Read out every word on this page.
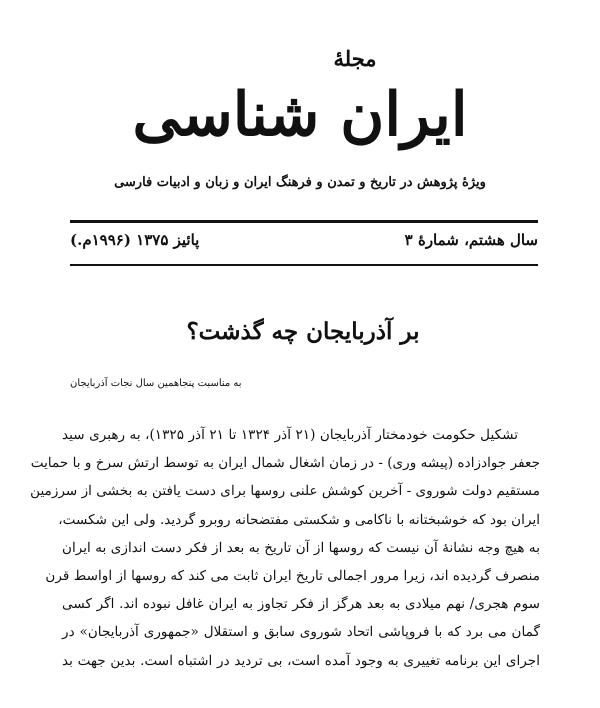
مجلهٔ
ایران شناسی
ویژهٔ پژوهش در تاریخ و تمدن و فرهنگ ایران و زبان و ادبیات فارسی
سال هشتم، شمارهٔ ۳
پائیز ۱۳۷۵ (۱۹۹۶م.)
بر آذربایجان چه گذشت؟
به مناسبت پنجاهمین سال نجات آذربایجان
تشکیل حکومت خودمختار آذربایجان (۲۱ آذر ۱۳۲۴ تا ۲۱ آذر ۱۳۲۵)، به رهبری سید
جعفر جوادزاده (پیشه وری) - در زمان اشغال شمال ایران به توسط ارتش سرخ و با حمایت
مستقیم دولت شوروی - آخرین کوشش علنی روسها برای دست یافتن به بخشی از سرزمین
ایران بود که خوشبختانه با ناکامی و شکستی مفتضحانه روبرو گردید. ولی این شکست،
به هیچ وجه نشانهٔ آن نیست که روسها از آن تاریخ به بعد از فکر دست اندازی به ایران
منصرف گردیده اند، زیرا مرور اجمالی تاریخ ایران ثابت می کند که روسها از اواسط قرن
سوم هجری/ نهم میلادی به بعد هرگز از فکر تجاوز به ایران غافل نبوده اند. اگر کسی
گمان می برد که با فروپاشی اتحاد شوروی سابق و استقلال «جمهوری آذربایجان» در
اجرای این برنامه تغییری به وجود آمده است، بی تردید در اشتباه است. بدین جهت بد
